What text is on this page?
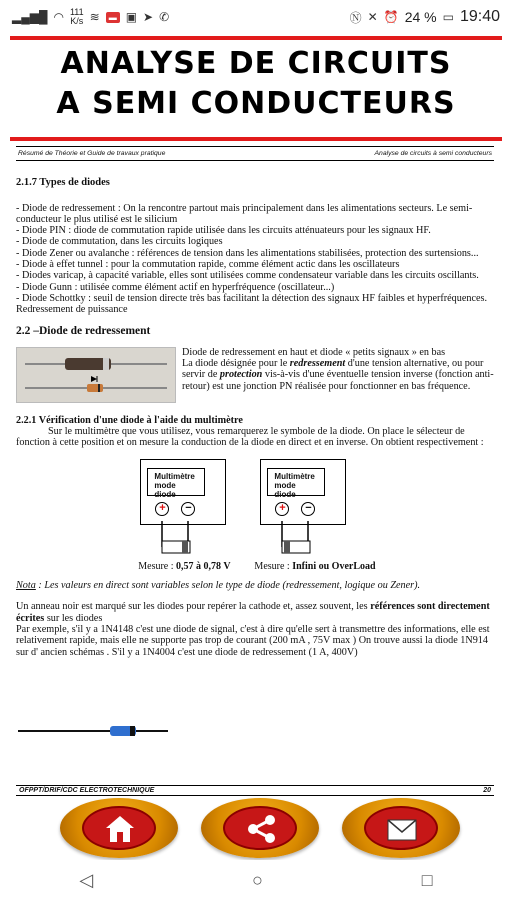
▂▄▆█ ◠ 111
K/s ≋	▬ ▣ ➤ ✆	Ⓝ ✕ ⏰ 24 % ▭ 19:40
ANALYSE DE CIRCUITS
A SEMI CONDUCTEURS
Résumé de Théorie et Guide de travaux pratique	Analyse de circuits à semi conducteurs
2.1.7 Types de diodes
- Diode de redressement : On la rencontre partout mais principalement dans les alimentations secteurs. Le semi-conducteur le plus utilisé est le silicium
- Diode PIN : diode de commutation rapide utilisée dans les circuits atténuateurs pour les signaux HF.
- Diode de commutation, dans les circuits logiques
- Diode Zener ou avalanche : références de tension dans les alimentations stabilisées, protection des surtensions...
- Diode à effet tunnel : pour la commutation rapide, comme élément actic dans les oscillateurs
- Diodes varicap, à capacité variable, elles sont utilisées comme condensateur variable dans les circuits oscillants.
- Diode Gunn : utilisée comme élément actif en hyperfréquence (oscillateur...)
- Diode Schottky : seuil de tension directe très bas facilitant la détection des signaux HF faibles et hyperfréquences. Redressement de puissance
2.2 –Diode de redressement
Diode de redressement en haut et diode « petits signaux » en bas
La diode désignée pour le redressement d'une tension alternative, ou pour servir de protection vis-à-vis d'une éventuelle tension inverse (fonction anti-retour) est une jonction PN réalisée pour fonctionner en bas fréquence.
2.2.1 Vérification d'une diode à l'aide du multimètre
Sur le multimètre que vous utilisez, vous remarquerez le symbole de la diode. On place le sélecteur de fonction à cette position et on mesure la conduction de la diode en direct et en inverse. On obtient respectivement :
Multimètre
mode diode
+	−
Mesure : 0,57 à 0,78 V
Multimètre
mode diode
+	−
Mesure : Infini ou OverLoad
Nota : Les valeurs en direct sont variables selon le type de diode (redressement, logique ou Zener).
Un anneau noir est marqué sur les diodes pour repérer la cathode et, assez souvent, les références sont directement écrites sur les diodes
Par exemple, s'il y a 1N4148 c'est une diode de signal, c'est à dire qu'elle sert à transmettre des informations, elle est relativement rapide, mais elle ne supporte pas trop de courant (200 mA , 75V max ) On trouve aussi la diode 1N914 sur d' ancien schémas . S'il y a 1N4004 c'est une diode de redressement (1 A, 400V)
OFPPT/DRIF/CDC ELECTROTECHNIQUE	20
◁	○	□
